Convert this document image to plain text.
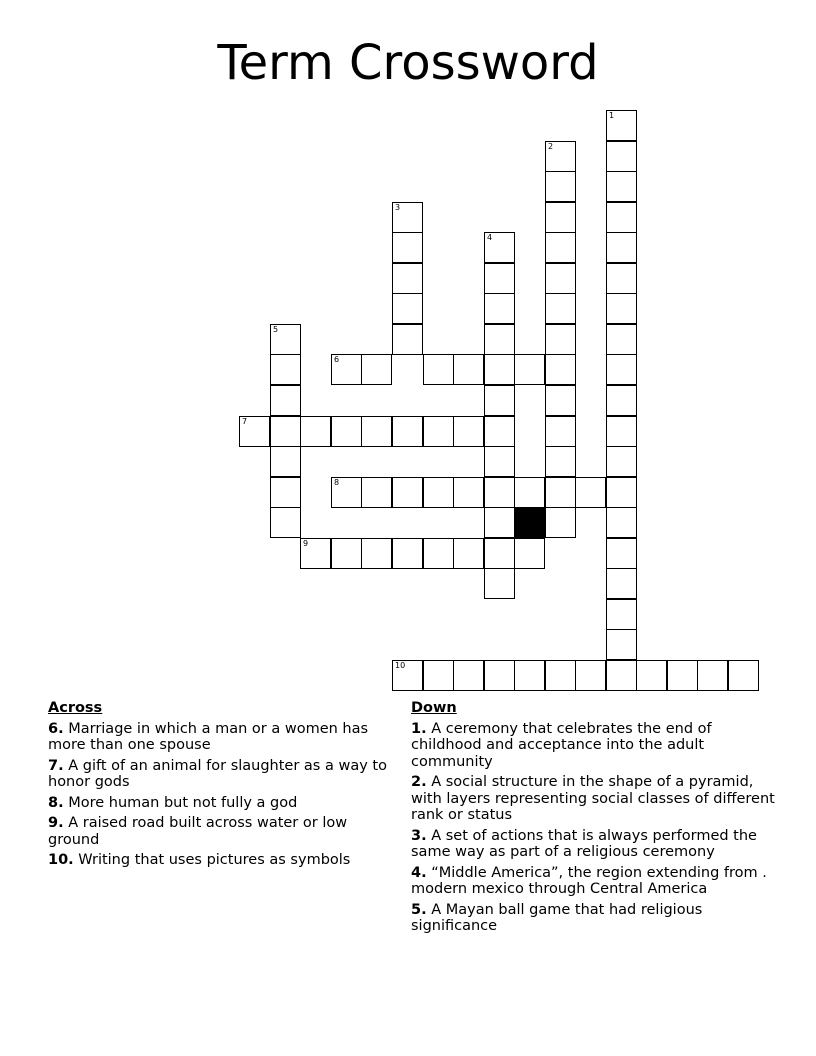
Term Crossword
1
2
3
4
5
6
7
8
9
10
Across
6. Marriage in which a man or a women has more than one spouse
7. A gift of an animal for slaughter as a way to honor gods
8. More human but not fully a god
9. A raised road built across water or low ground
10. Writing that uses pictures as symbols
Down
1. A ceremony that celebrates the end of childhood and acceptance into the adult community
2. A social structure in the shape of a pyramid, with layers representing social classes of different rank or status
3. A set of actions that is always performed the same way as part of a religious ceremony
4. “Middle America”, the region extending from . modern mexico through Central America
5. A Mayan ball game that had religious significance
